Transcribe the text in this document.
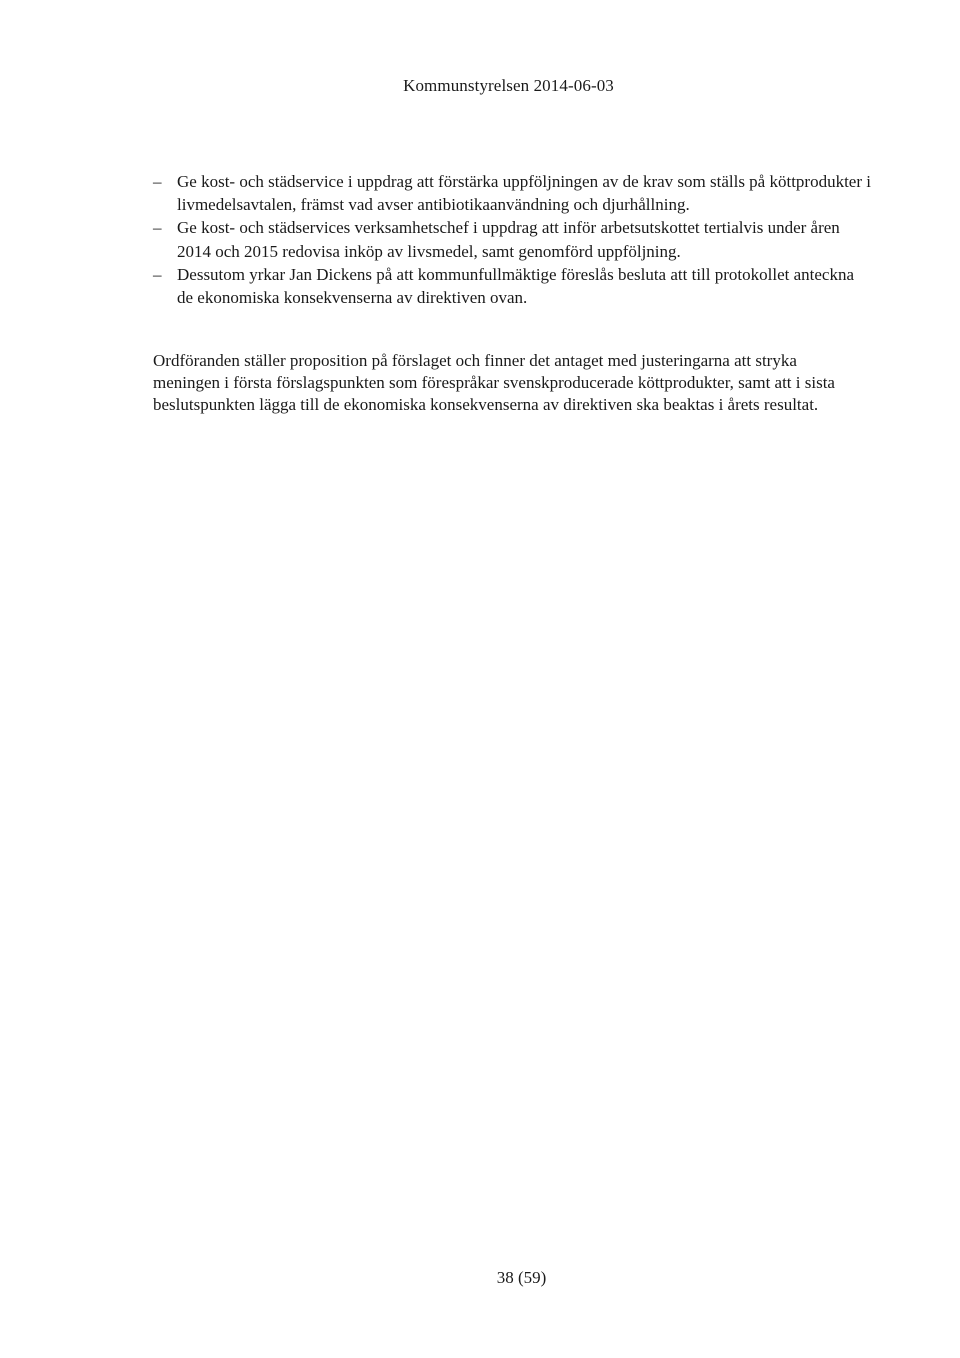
Kommunstyrelsen 2014-06-03
– Ge kost- och städservice i uppdrag att förstärka uppföljningen av de krav som ställs på köttprodukter i livmedelsavtalen, främst vad avser antibiotikaanvändning och djurhållning.
– Ge kost- och städservices verksamhetschef i uppdrag att inför arbetsutskottet tertialvis under åren 2014 och 2015 redovisa inköp av livsmedel, samt genomförd uppföljning.
– Dessutom yrkar Jan Dickens på att kommunfullmäktige föreslås besluta att till protokollet anteckna de ekonomiska konsekvenserna av direktiven ovan.

Ordföranden ställer proposition på förslaget och finner det antaget med justeringarna att stryka meningen i första förslagspunkten som förespråkar svenskproducerade köttprodukter, samt att i sista beslutspunkten lägga till de ekonomiska konsekvenserna av direktiven ska beaktas i årets resultat.

38 (59)
